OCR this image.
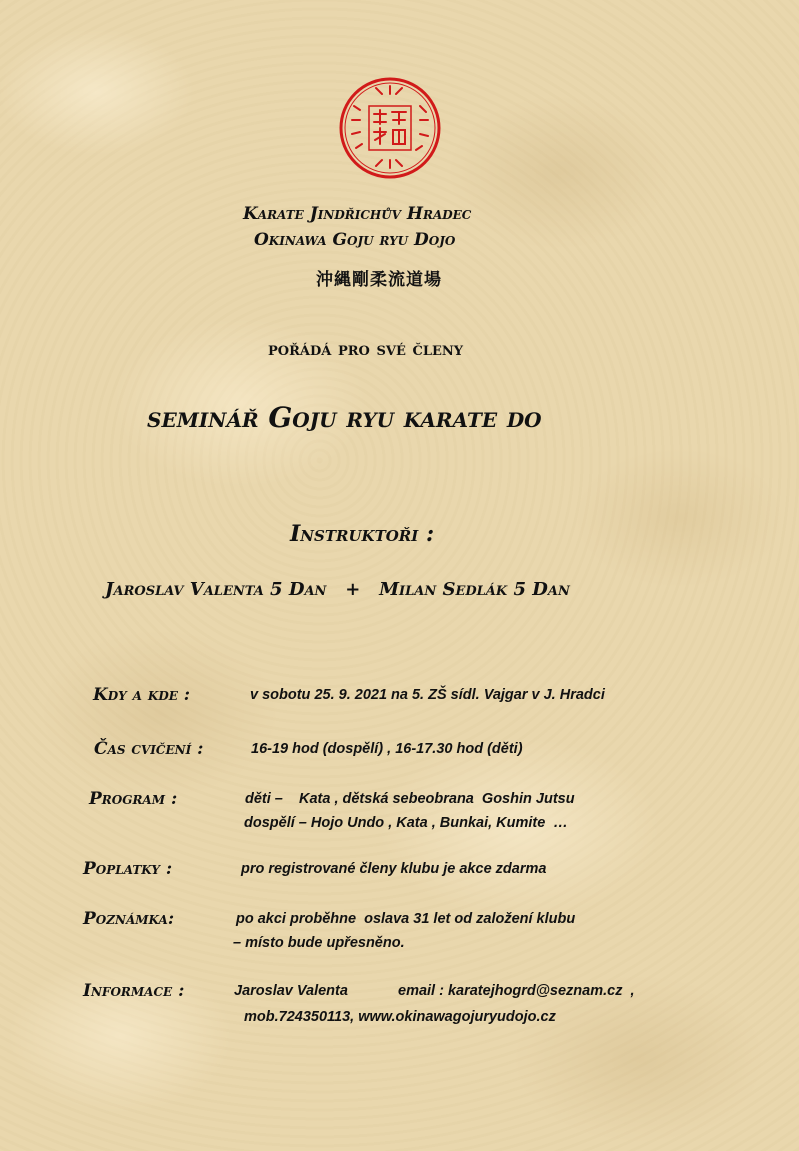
Karate Jindřichův Hradec
Okinawa Goju ryu Dojo
沖縄剛柔流道場
pořádá pro své členy
seminář Goju ryu karate do
Instruktoři :
Jaroslav Valenta 5 Dan   +   Milan Sedlák 5 Dan
Kdy a kde :	v sobotu 25. 9. 2021 na 5. ZŠ sídl. Vajgar v J. Hradci
Čas cvičení :	16-19 hod (dospělí) , 16-17.30 hod (děti)
Program :	děti –    Kata , dětská sebeobrana  Goshin Jutsu
dospělí – Hojo Undo , Kata , Bunkai, Kumite  …
Poplatky :	pro registrované členy klubu je akce zdarma
Poznámka:	po akci proběhne  oslava 31 let od založení klubu
– místo bude upřesněno.
Informace :	Jaroslav Valenta	email : karatejhogrd@seznam.cz  ,
mob.724350113, www.okinawagojuryudojo.cz
